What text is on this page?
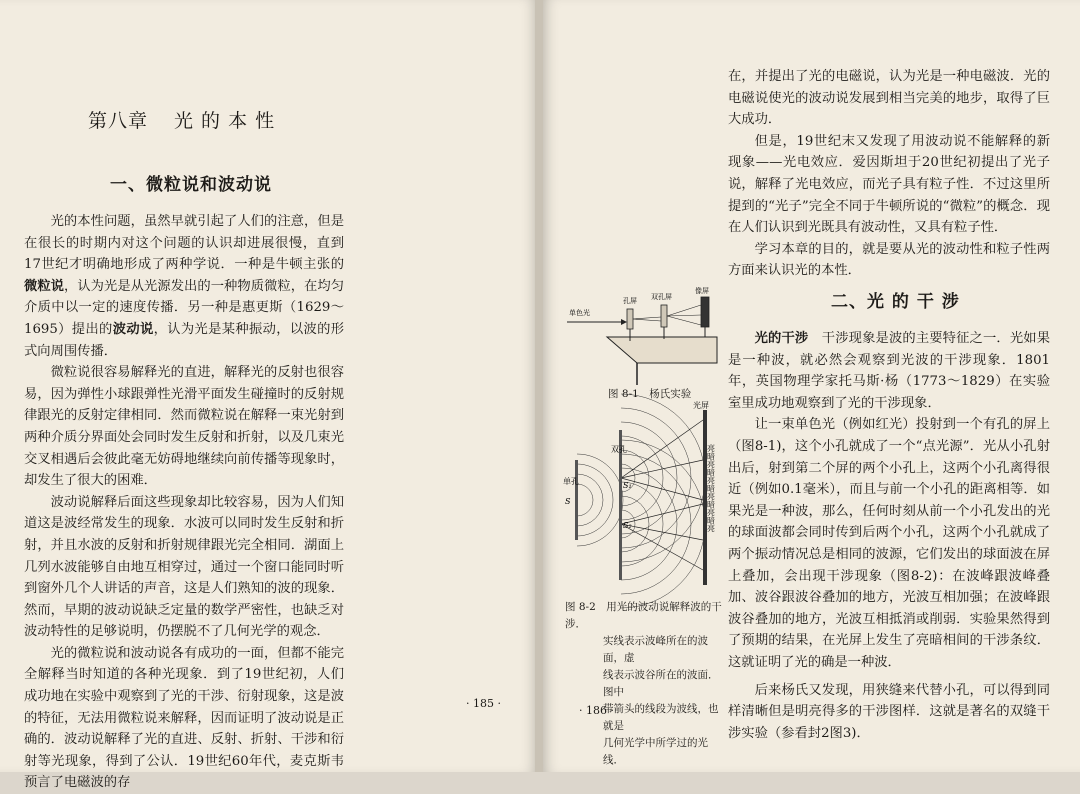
第八章 光 的 本 性
一、微粒说和波动说

光的本性问题，虽然早就引起了人们的注意，但是在很长的时期内对这个问题的认识却进展很慢，直到17世纪才明确地形成了两种学说．一种是牛顿主张的微粒说，认为光是从光源发出的一种物质微粒，在均匀介质中以一定的速度传播．另一种是惠更斯（1629～1695）提出的波动说，认为光是某种振动，以波的形式向周围传播．

微粒说很容易解释光的直进，解释光的反射也很容易，因为弹性小球跟弹性光滑平面发生碰撞时的反射规律跟光的反射定律相同．然而微粒说在解释一束光射到两种介质分界面处会同时发生反射和折射，以及几束光交叉相遇后会彼此毫无妨碍地继续向前传播等现象时，却发生了很大的困难．

波动说解释后面这些现象却比较容易，因为人们知道这是波经常发生的现象．水波可以同时发生反射和折射，并且水波的反射和折射规律跟光完全相同．湖面上几列水波能够自由地互相穿过，通过一个窗口能同时听到窗外几个人讲话的声音，这是人们熟知的波的现象．然而，早期的波动说缺乏定量的数学严密性，也缺乏对波动特性的足够说明，仍摆脱不了几何光学的观念．

光的微粒说和波动说各有成功的一面，但都不能完全解释当时知道的各种光现象．到了19世纪初，人们成功地在实验中观察到了光的干涉、衍射现象，这是波的特征，无法用微粒说来解释，因而证明了波动说是正确的．波动说解释了光的直进、反射、折射、干涉和衍射等光现象，得到了公认．19世纪60年代，麦克斯韦预言了电磁波的存

· 185 ·

在，并提出了光的电磁说，认为光是一种电磁波．光的电磁说使光的波动说发展到相当完美的地步，取得了巨大成功．

但是，19世纪末又发现了用波动说不能解释的新现象——光电效应．爱因斯坦于20世纪初提出了光子说，解释了光电效应，而光子具有粒子性．不过这里所提到的“光子”完全不同于牛顿所说的“微粒”的概念．现在人们认识到光既具有波动性，又具有粒子性．

学习本章的目的，就是要从光的波动性和粒子性两方面来认识光的本性．

二、光 的 干 涉

光的干涉　干涉现象是波的主要特征之一．光如果是一种波，就必然会观察到光波的干涉现象．1801年，英国物理学家托马斯·杨（1773～1829）在实验室里成功地观察到了光的干涉现象．

让一束单色光（例如红光）投射到一个有孔的屏上（图8-1)，这个小孔就成了一个“点光源”．光从小孔射出后，射到第二个屏的两个小孔上，这两个小孔离得很近（例如0.1毫米），而且与前一个小孔的距离相等．如果光是一种波，那么，任何时刻从前一个小孔发出的光的球面波都会同时传到后两个小孔，这两个小孔就成了两个振动情况总是相同的波源，它们发出的球面波在屏上叠加，会出现干涉现象（图8-2)：在波峰跟波峰叠加、波谷跟波谷叠加的地方，光波互相加强；在波峰跟波谷叠加的地方，光波互相抵消或削弱．实验果然得到了预期的结果，在光屏上发生了亮暗相间的干涉条纹．这就证明了光的确是一种波．

后来杨氏又发现，用狭缝来代替小孔，可以得到同样清晰但是明亮得多的干涉图样．这就是著名的双缝干涉实验（参看封2图3)．

单色光
孔屏 双孔屏
像屏
图 8-1　杨氏实验
单孔
S
双孔
S₁
S₂
光屏
亮暗亮暗亮暗亮暗亮暗亮
图 8-2　用光的波动说解释波的干涉．
实线表示波峰所在的波面，虚
线表示波谷所在的波面．图中
带箭头的线段为波线，也就是
几何光学中所学过的光线．
· 186 ·
